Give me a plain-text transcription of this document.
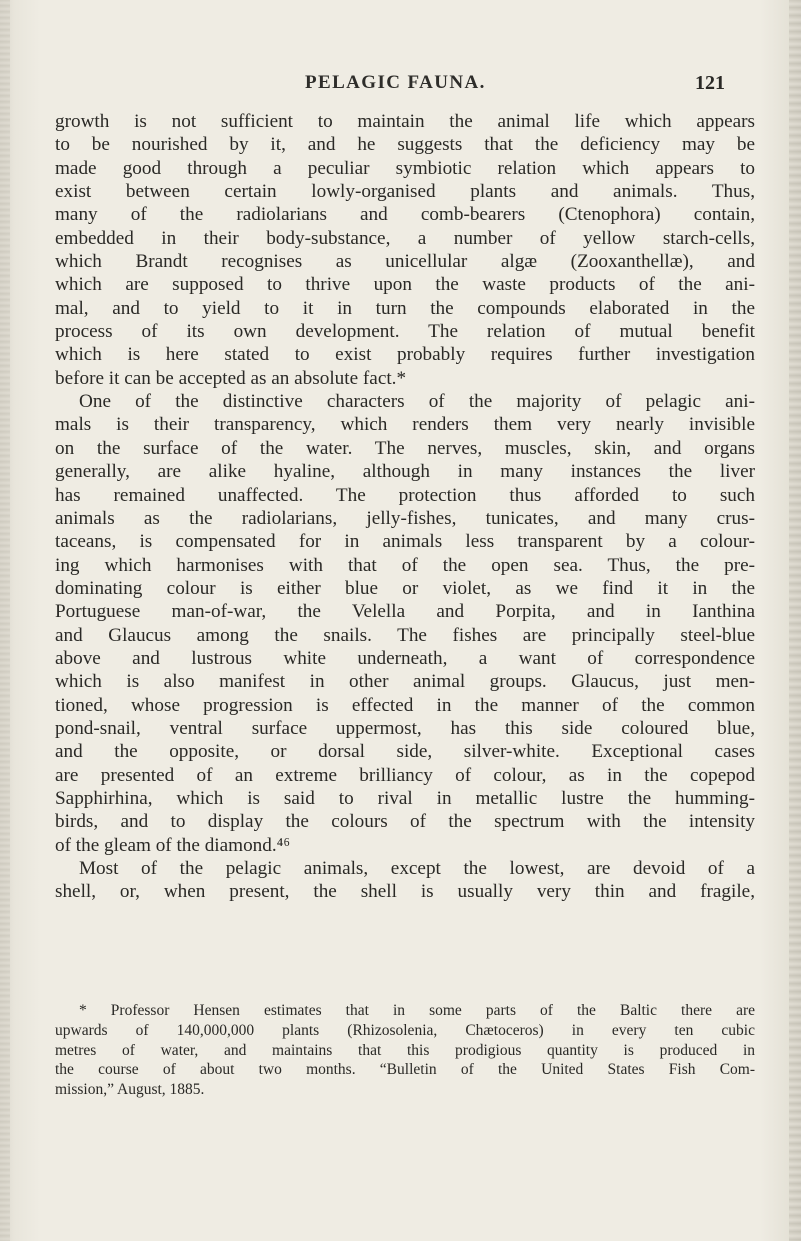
PELAGIC FAUNA.	121
growth is not sufficient to maintain the animal life which appears
to be nourished by it, and he suggests that the deficiency may be
made good through a peculiar symbiotic relation which appears to
exist between certain lowly-organised plants and animals. Thus,
many of the radiolarians and comb-bearers (Ctenophora) contain,
embedded in their body-substance, a number of yellow starch-cells,
which Brandt recognises as unicellular algæ (Zooxanthellæ), and
which are supposed to thrive upon the waste products of the ani-
mal, and to yield to it in turn the compounds elaborated in the
process of its own development. The relation of mutual benefit
which is here stated to exist probably requires further investigation
before it can be accepted as an absolute fact.*
One of the distinctive characters of the majority of pelagic ani-
mals is their transparency, which renders them very nearly invisible
on the surface of the water. The nerves, muscles, skin, and organs
generally, are alike hyaline, although in many instances the liver
has remained unaffected. The protection thus afforded to such
animals as the radiolarians, jelly-fishes, tunicates, and many crus-
taceans, is compensated for in animals less transparent by a colour-
ing which harmonises with that of the open sea. Thus, the pre-
dominating colour is either blue or violet, as we find it in the
Portuguese man-of-war, the Velella and Porpita, and in Ianthina
and Glaucus among the snails. The fishes are principally steel-blue
above and lustrous white underneath, a want of correspondence
which is also manifest in other animal groups. Glaucus, just men-
tioned, whose progression is effected in the manner of the common
pond-snail, ventral surface uppermost, has this side coloured blue,
and the opposite, or dorsal side, silver-white. Exceptional cases
are presented of an extreme brilliancy of colour, as in the copepod
Sapphirhina, which is said to rival in metallic lustre the humming-
birds, and to display the colours of the spectrum with the intensity
of the gleam of the diamond.⁴⁶
Most of the pelagic animals, except the lowest, are devoid of a
shell, or, when present, the shell is usually very thin and fragile,
* Professor Hensen estimates that in some parts of the Baltic there are
upwards of 140,000,000 plants (Rhizosolenia, Chætoceros) in every ten cubic
metres of water, and maintains that this prodigious quantity is produced in
the course of about two months. “Bulletin of the United States Fish Com-
mission,” August, 1885.
